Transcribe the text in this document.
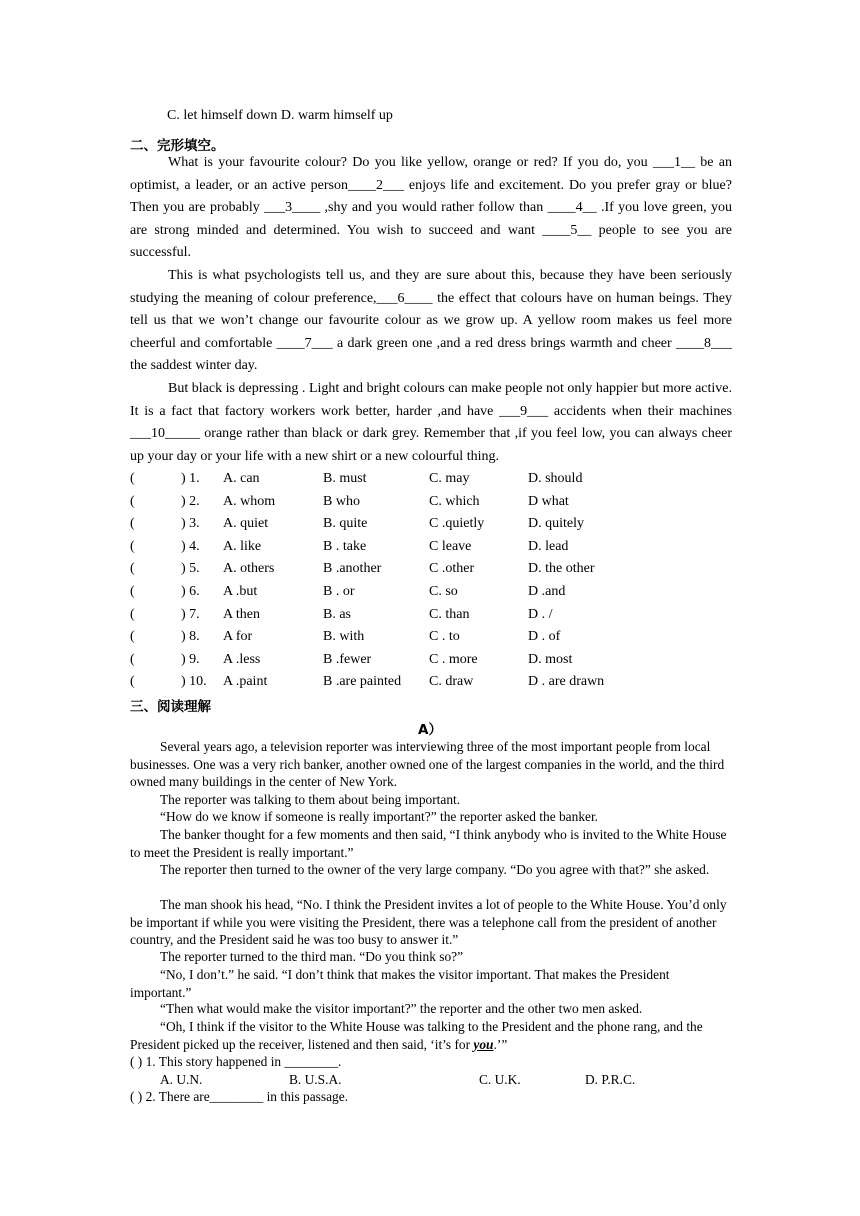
C. let himself down D. warm himself up
二、完形填空。

What is your favourite colour? Do you like yellow, orange or red? If you do, you ___1__ be an optimist, a leader, or an active person____2___ enjoys life and excitement. Do you prefer gray or blue? Then you are probably ___3____ ,shy and you would rather follow than ____4__ .If you love green, you are strong minded and determined. You wish to succeed and want ____5__ people to see you are successful.

This is what psychologists tell us, and they are sure about this, because they have been seriously studying the meaning of colour preference,___6____ the effect that colours have on human beings. They tell us that we won’t change our favourite colour as we grow up. A yellow room makes us feel more cheerful and comfortable ____7___ a dark green one ,and a red dress brings warmth and cheer ____8___ the saddest winter day.

But black is depressing . Light and bright colours can make people not only happier but more active. It is a fact that factory workers work better, harder ,and have ___9___ accidents when their machines ___10_____ orange rather than black or dark grey. Remember that ,if you feel low, you can always cheer up your day or your life with a new shirt or a new colourful thing.

(	) 1. A. can	B. must	C. may	D. should
(	) 2. A. whom	B who	C. which	D what
(	) 3. A. quiet	B. quite	C .quietly	D. quitely
(	) 4. A. like	B . take	C leave	D. lead
(	) 5. A. others	B .another	C .other	D. the other
(	) 6. A .but	B . or	C. so	D .and
(	) 7. A then	B. as	C. than	D . /
(	) 8. A for	B. with	C . to	D . of
(	) 9. A .less	B .fewer	C . more	D. most
(	) 10. A .paint	B .are painted C. draw	D . are drawn
三、阅读理解
A）

Several years ago, a television reporter was interviewing three of the most important people from local businesses. One was a very rich banker, another owned one of the largest companies in the world, and the third owned many buildings in the center of New York.

The reporter was talking to them about being important.

“How do we know if someone is really important?” the reporter asked the banker.

The banker thought for a few moments and then said, “I think anybody who is invited to the White House to meet the President is really important.”

The reporter then turned to the owner of the very large company. “Do you agree with that?” she asked.

The man shook his head, “No. I think the President invites a lot of people to the White House. You’d only be important if while you were visiting the President, there was a telephone call from the president of another country, and the President said he was too busy to answer it.”

The reporter turned to the third man. “Do you think so?”

“No, I don’t.” he said. “I don’t think that makes the visitor important. That makes the President important.”

“Then what would make the visitor important?” the reporter and the other two men asked.

“Oh, I think if the visitor to the White House was talking to the President and the phone rang, and the President picked up the receiver, listened and then said, ‘it’s for you.’”

( ) 1. This story happened in ________.
A. U.N.	B. U.S.A.	C. U.K.	D. P.R.C.
( ) 2. There are________ in this passage.
